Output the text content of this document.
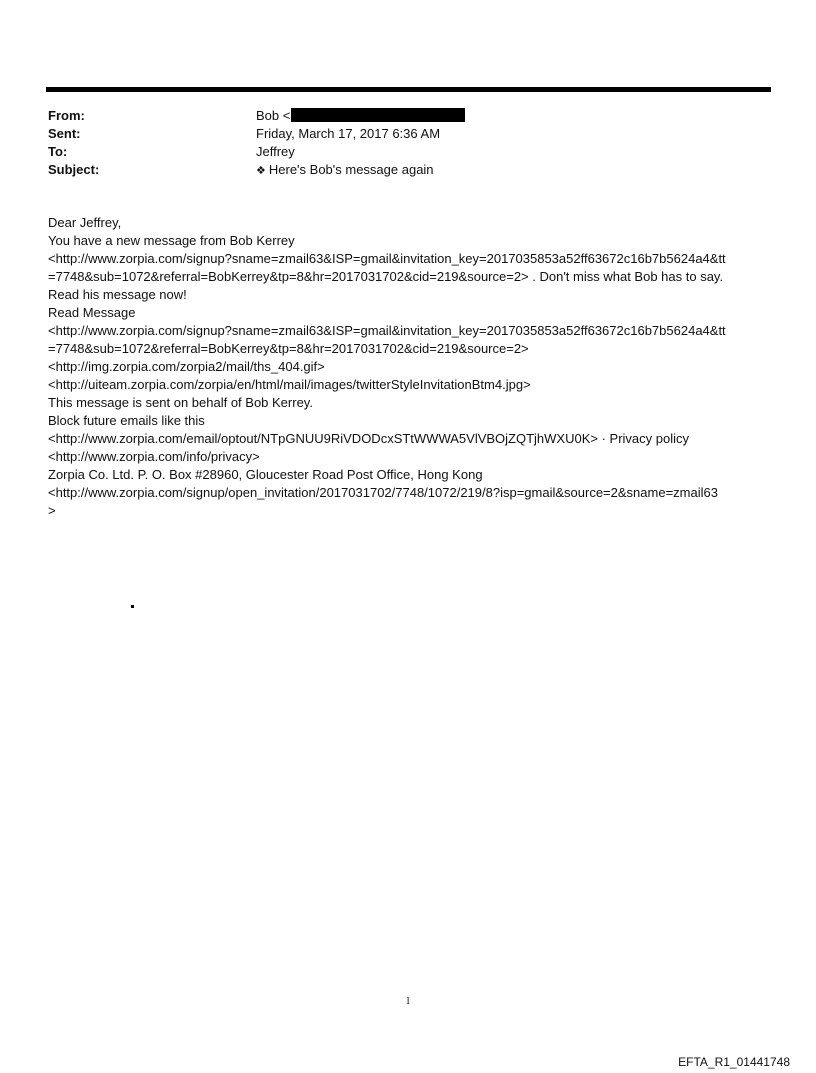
From:	Bob <
Sent:	Friday, March 17, 2017 6:36 AM
To:	Jeffrey
Subject:	❖ Here's Bob's message again
Dear Jeffrey,
You have a new message from Bob Kerrey
<http://www.zorpia.com/signup?sname=zmail63&ISP=gmail&invitation_key=2017035853a52ff63672c16b7b5624a4&tt
=7748&sub=1072&referral=BobKerrey&tp=8&hr=2017031702&cid=219&source=2> . Don't miss what Bob has to say.
Read his message now!
Read Message
<http://www.zorpia.com/signup?sname=zmail63&ISP=gmail&invitation_key=2017035853a52ff63672c16b7b5624a4&tt
=7748&sub=1072&referral=BobKerrey&tp=8&hr=2017031702&cid=219&source=2>
<http://img.zorpia.com/zorpia2/mail/ths_404.gif>
<http://uiteam.zorpia.com/zorpia/en/html/mail/images/twitterStyleInvitationBtm4.jpg>
This message is sent on behalf of Bob Kerrey.
Block future emails like this
<http://www.zorpia.com/email/optout/NTpGNUU9RiVDODcxSTtWWWA5VlVBOjZQTjhWXU0K> · Privacy policy
<http://www.zorpia.com/info/privacy>
Zorpia Co. Ltd. P. O. Box #28960, Gloucester Road Post Office, Hong Kong
<http://www.zorpia.com/signup/open_invitation/2017031702/7748/1072/219/8?isp=gmail&source=2&sname=zmail63
>
1
EFTA_R1_01441748
